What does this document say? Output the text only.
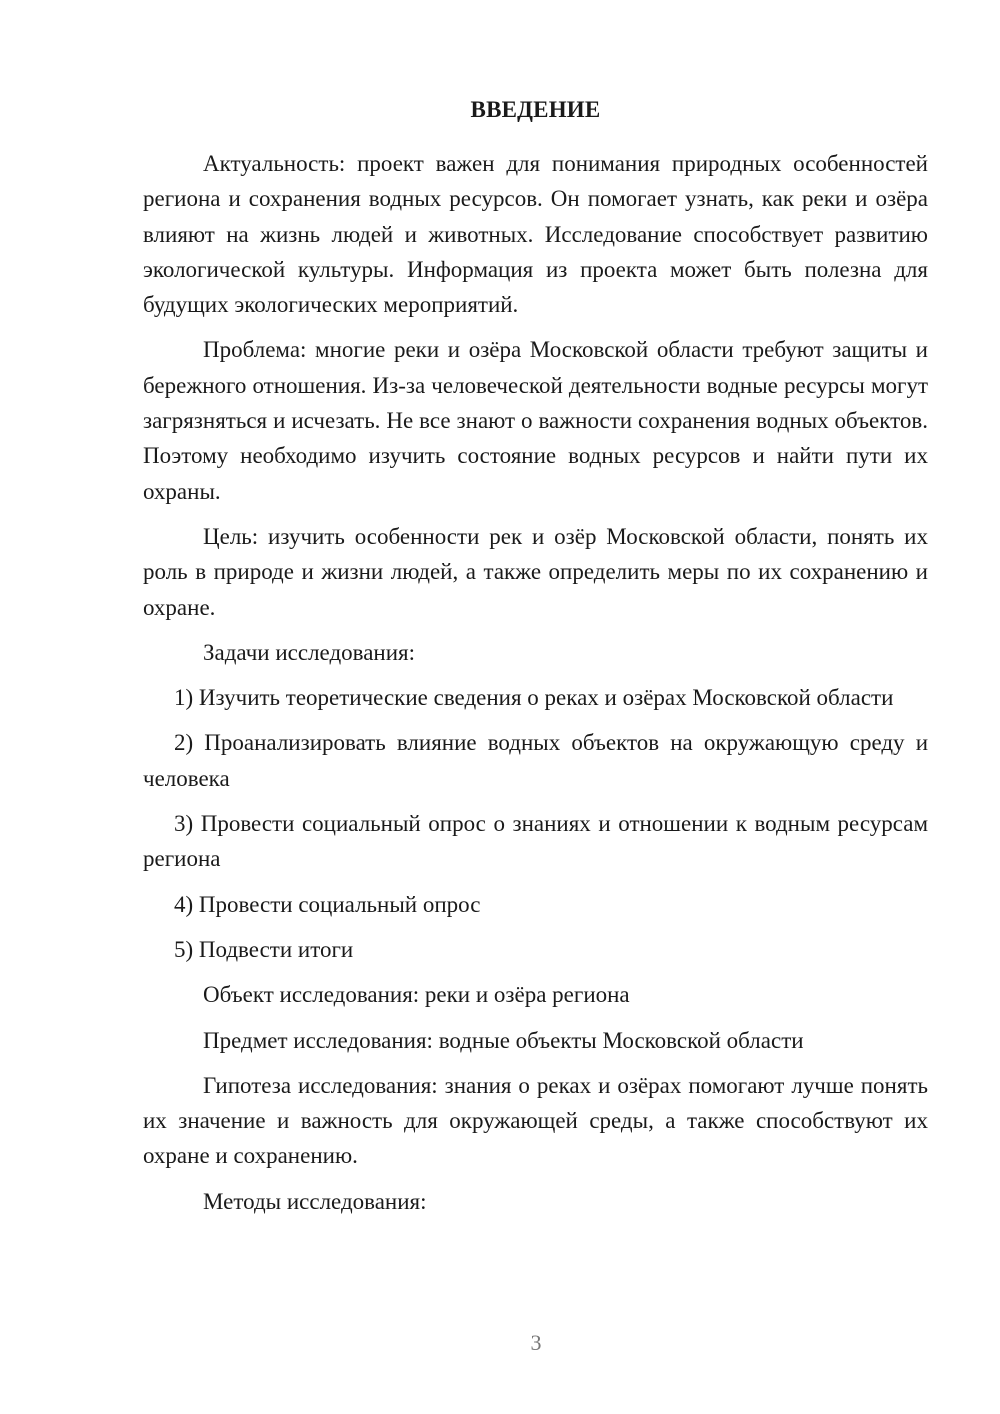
ВВЕДЕНИЕ

Актуальность: проект важен для понимания природных особенностей региона и сохранения водных ресурсов. Он помогает узнать, как реки и озёра влияют на жизнь людей и животных. Исследование способствует развитию экологической культуры. Информация из проекта может быть полезна для будущих экологических мероприятий.

Проблема: многие реки и озёра Московской области требуют защиты и бережного отношения. Из-за человеческой деятельности водные ресурсы могут загрязняться и исчезать. Не все знают о важности сохранения водных объектов. Поэтому необходимо изучить состояние водных ресурсов и найти пути их охраны.

Цель: изучить особенности рек и озёр Московской области, понять их роль в природе и жизни людей, а также определить меры по их сохранению и охране.

Задачи исследования:

1) Изучить теоретические сведения о реках и озёрах Московской области

2) Проанализировать влияние водных объектов на окружающую среду и человека

3) Провести социальный опрос о знаниях и отношении к водным ресурсам региона

4) Провести социальный опрос

5) Подвести итоги

Объект исследования: реки и озёра региона

Предмет исследования: водные объекты Московской области

Гипотеза исследования: знания о реках и озёрах помогают лучше понять их значение и важность для окружающей среды, а также способствуют их охране и сохранению.

Методы исследования:

3
